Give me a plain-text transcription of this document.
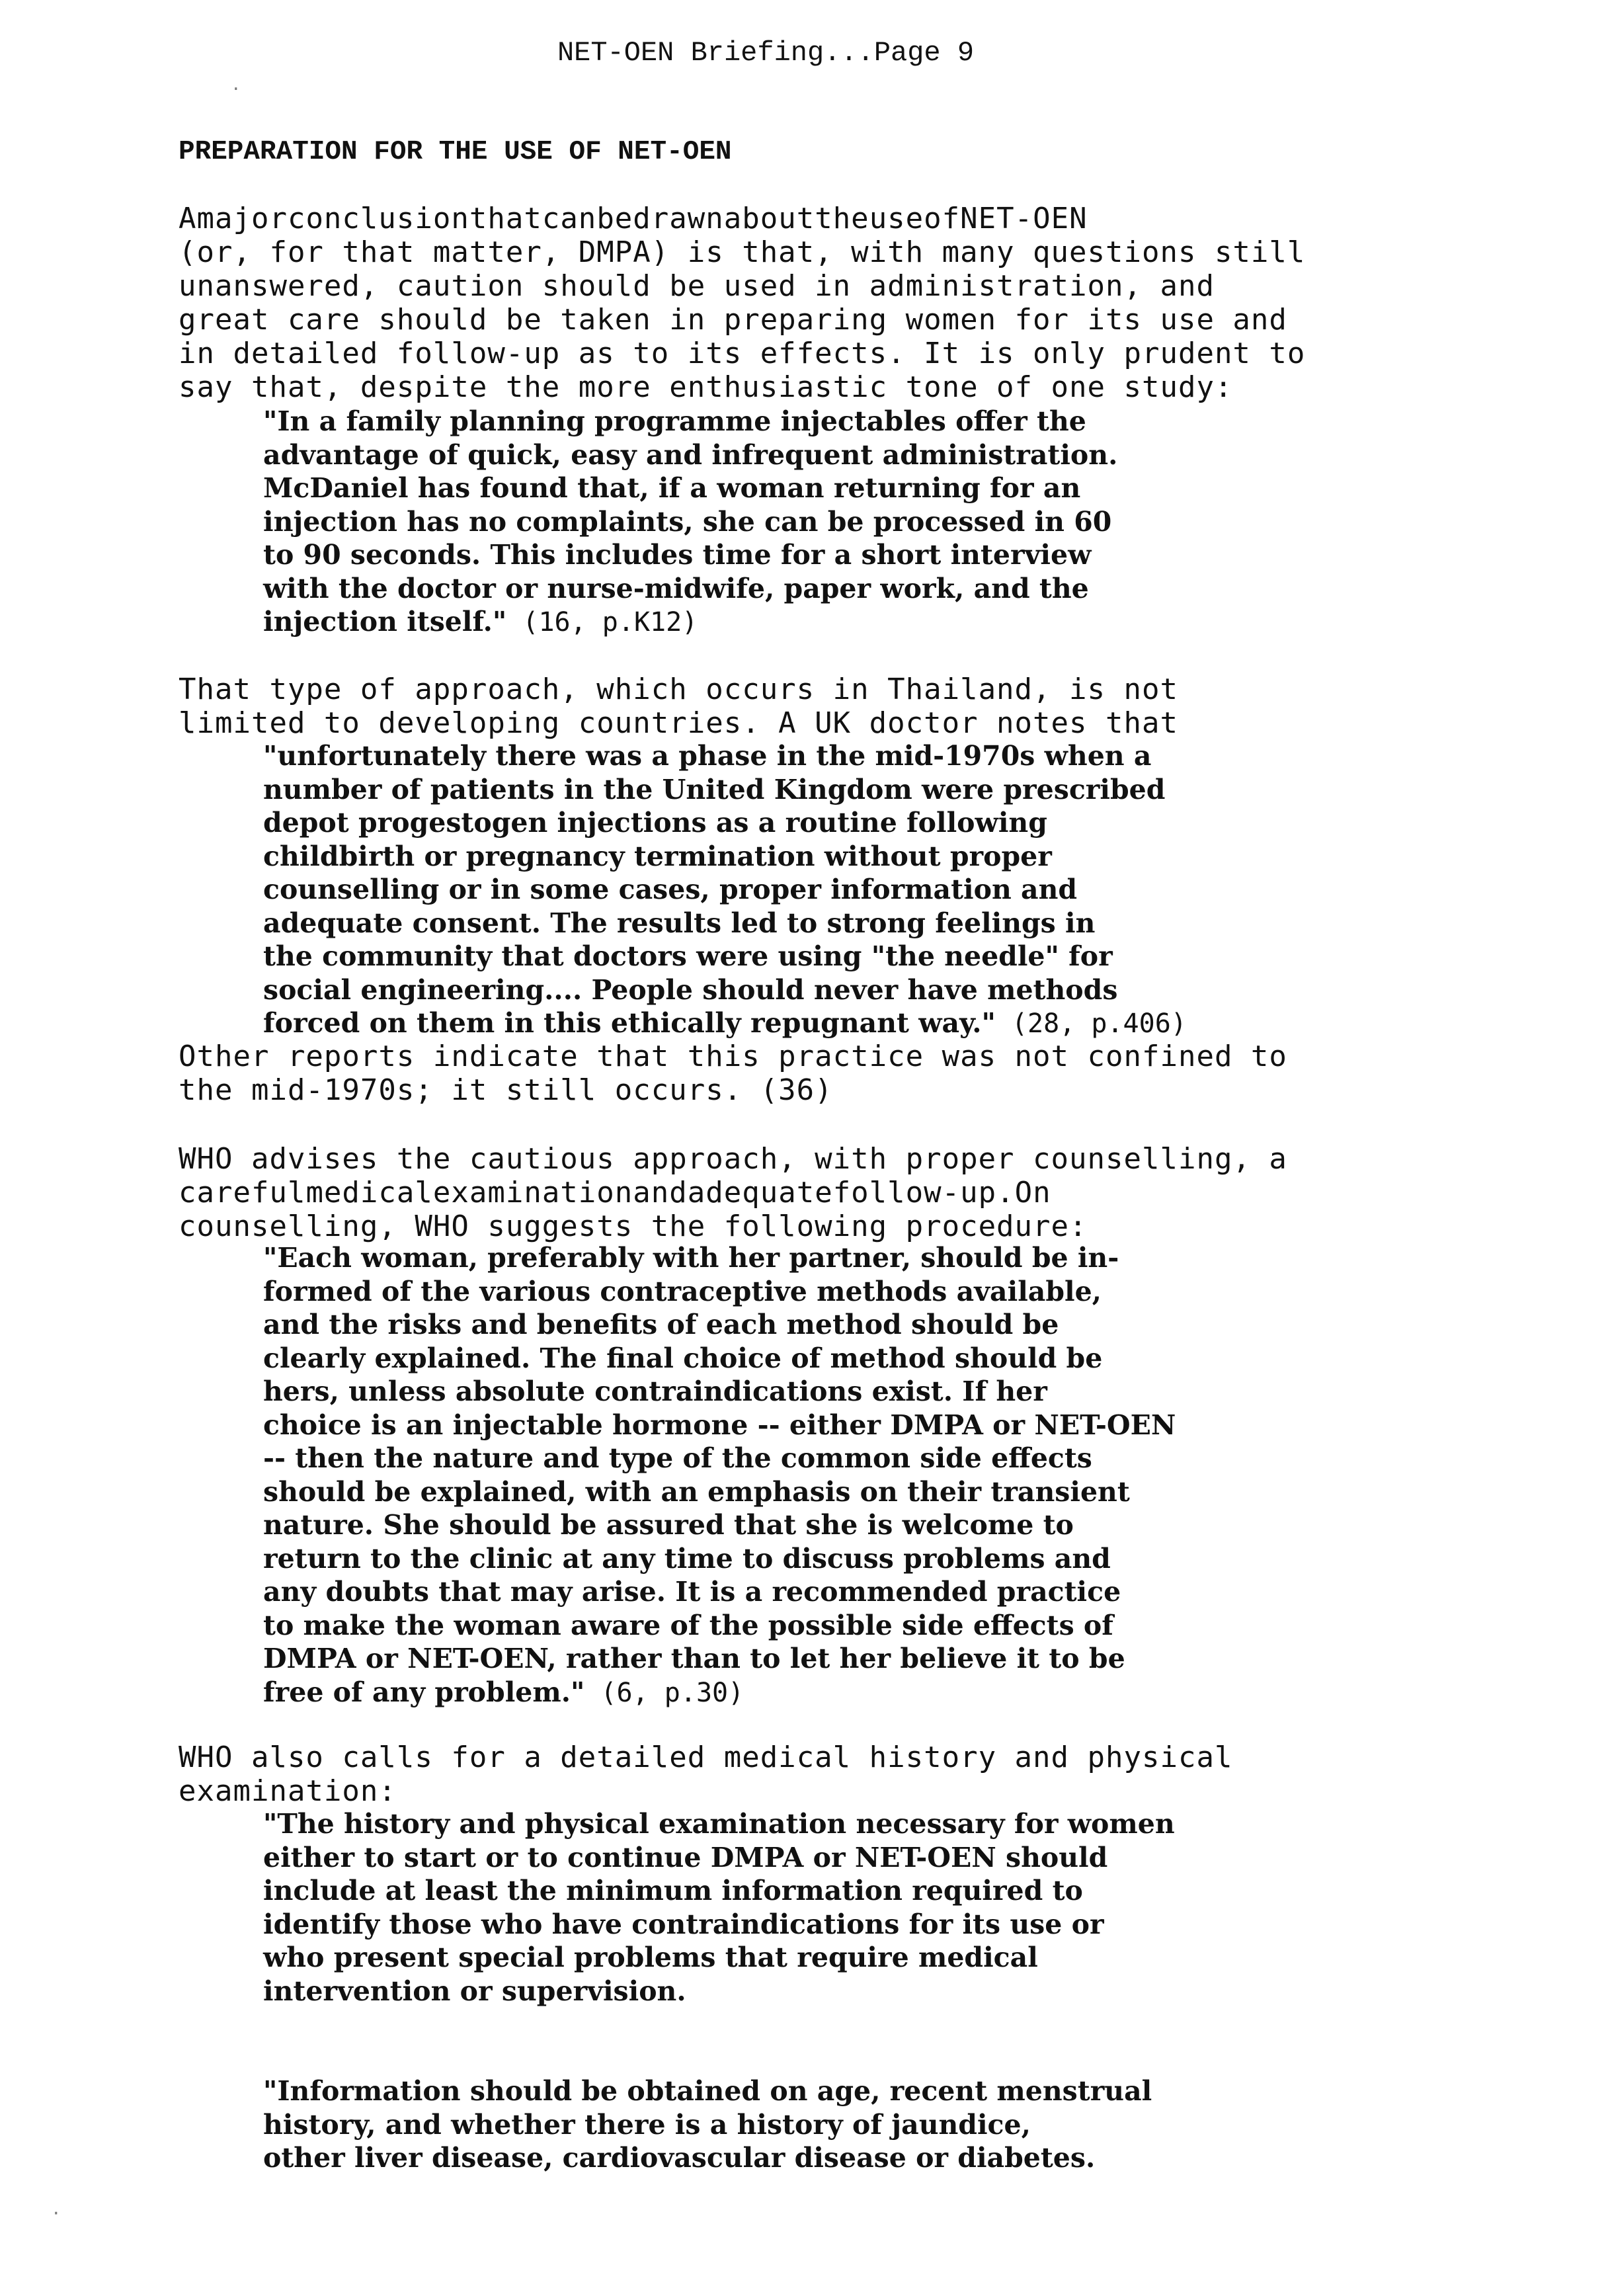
NET-OEN Briefing...Page 9
PREPARATION FOR THE USE OF NET-OEN
AmajorconclusionthatcanbedrawnabouttheuseofNET-OEN
(or, for that matter, DMPA) is that, with many questions still
unanswered, caution should be used in administration, and
great care should be taken in preparing women for its use and
in detailed follow-up as to its effects. It is only prudent to
say that, despite the more enthusiastic tone of one study:
"In a family planning programme injectables offer the
advantage of quick, easy and infrequent administration.
McDaniel has found that, if a woman returning for an
injection has no complaints, she can be processed in 60
to 90 seconds. This includes time for a short interview
with the doctor or nurse-midwife, paper work, and the
injection itself." (16, p.K12)
That type of approach, which occurs in Thailand, is not
limited to developing countries. A UK doctor notes that
"unfortunately there was a phase in the mid-1970s when a
number of patients in the United Kingdom were prescribed
depot progestogen injections as a routine following
childbirth or pregnancy termination without proper
counselling or in some cases, proper information and
adequate consent. The results led to strong feelings in
the community that doctors were using "the needle" for
social engineering.... People should never have methods
forced on them in this ethically repugnant way." (28, p.406)
Other reports indicate that this practice was not confined to
the mid-1970s; it still occurs. (36)
WHO advises the cautious approach, with proper counselling, a
carefulmedicalexaminationandadequatefollow-up.On
counselling, WHO suggests the following procedure:
"Each woman, preferably with her partner, should be in-
formed of the various contraceptive methods available,
and the risks and benefits of each method should be
clearly explained. The final choice of method should be
hers, unless absolute contraindications exist. If her
choice is an injectable hormone -- either DMPA or NET-OEN
-- then the nature and type of the common side effects
should be explained, with an emphasis on their transient
nature. She should be assured that she is welcome to
return to the clinic at any time to discuss problems and
any doubts that may arise. It is a recommended practice
to make the woman aware of the possible side effects of
DMPA or NET-OEN, rather than to let her believe it to be
free of any problem." (6, p.30)
WHO also calls for a detailed medical history and physical
examination:
"The history and physical examination necessary for women
either to start or to continue DMPA or NET-OEN should
include at least the minimum information required to
identify those who have contraindications for its use or
who present special problems that require medical
intervention or supervision.
"Information should be obtained on age, recent menstrual
history, and whether there is a history of jaundice,
other liver disease, cardiovascular disease or diabetes.
‧
·
